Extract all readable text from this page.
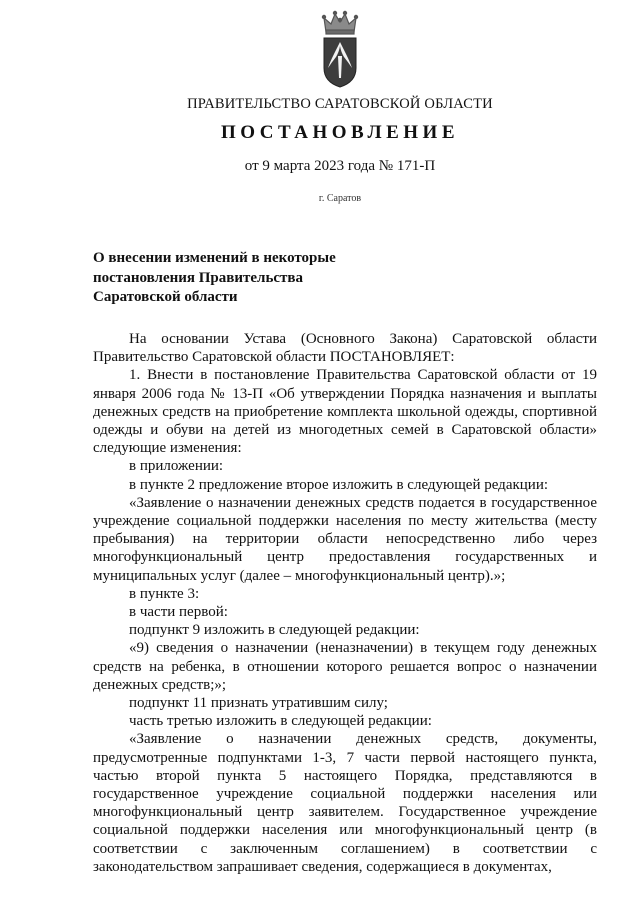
ПРАВИТЕЛЬСТВО САРАТОВСКОЙ ОБЛАСТИ
ПОСТАНОВЛЕНИЕ
от 9 марта 2023 года № 171-П
г. Саратов
О внесении изменений в некоторые
постановления Правительства
Саратовской области

На основании Устава (Основного Закона) Саратовской области Правительство Саратовской области ПОСТАНОВЛЯЕТ:

1. Внести в постановление Правительства Саратовской области от 19 января 2006 года № 13-П «Об утверждении Порядка назначения и выплаты денежных средств на приобретение комплекта школьной одежды, спортивной одежды и обуви на детей из многодетных семей в Саратовской области» следующие изменения:

в приложении:

в пункте 2 предложение второе изложить в следующей редакции:

«Заявление о назначении денежных средств подается в государственное учреждение социальной поддержки населения по месту жительства (месту пребывания) на территории области непосредственно либо через многофункциональный центр предоставления государственных и муниципальных услуг (далее – многофункциональный центр).»;

в пункте 3:

в части первой:

подпункт 9 изложить в следующей редакции:

«9) сведения о назначении (неназначении) в текущем году денежных средств на ребенка, в отношении которого решается вопрос о назначении денежных средств;»;

подпункт 11 признать утратившим силу;

часть третью изложить в следующей редакции:

«Заявление о назначении денежных средств, документы, предусмотренные подпунктами 1-3, 7 части первой настоящего пункта, частью второй пункта 5 настоящего Порядка, представляются в государственное учреждение социальной поддержки населения или многофункциональный центр заявителем. Государственное учреждение социальной поддержки населения или многофункциональный центр (в соответствии с заключенным соглашением) в соответствии с законодательством запрашивает сведения, содержащиеся в документах,
